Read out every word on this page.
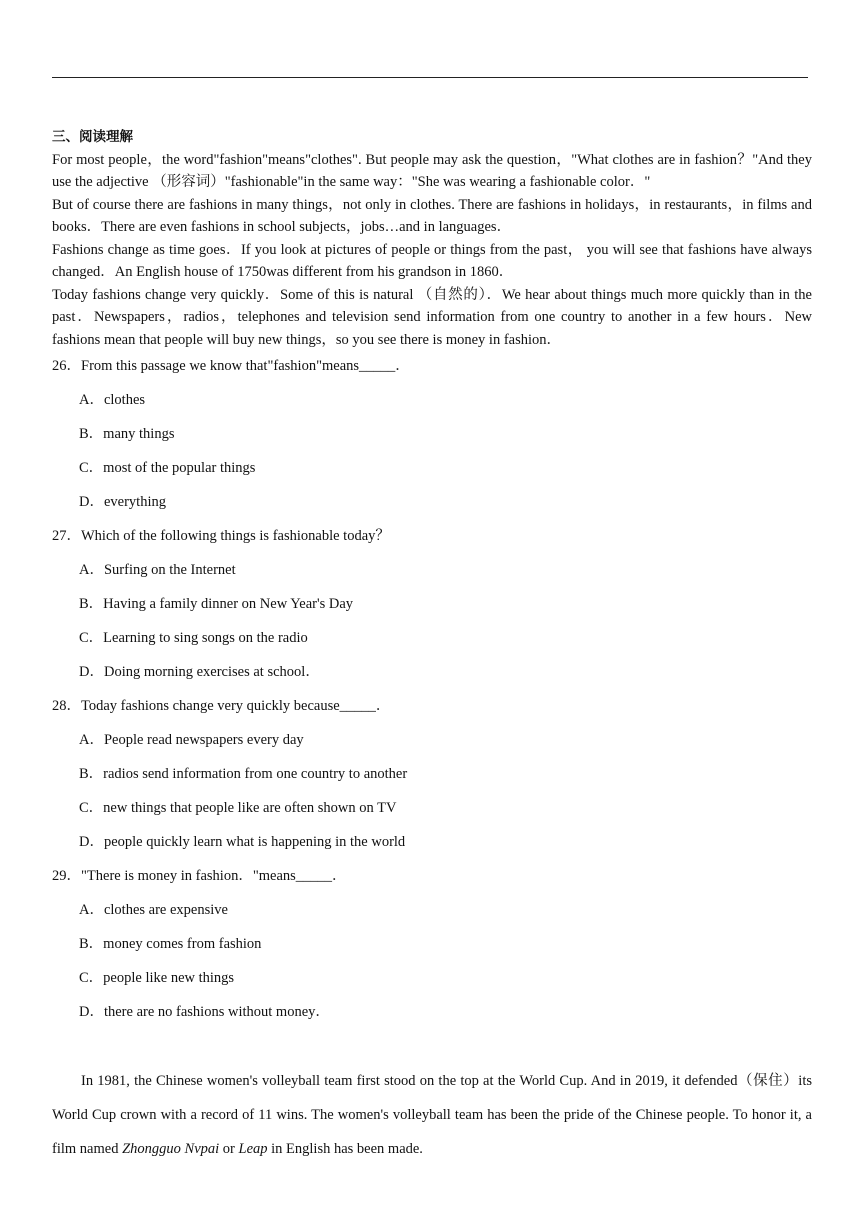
三、阅读理解

For most people，the word"fashion"means"clothes". But people may ask the question，"What clothes are in fashion？"And they use the adjective （形容词）"fashionable"in the same way："She was wearing a fashionable color．"

But of course there are fashions in many things，not only in clothes. There are fashions in holidays，in restaurants，in films and books．There are even fashions in school subjects，jobs…and in languages．

Fashions change as time goes．If you look at pictures of people or things from the past， you will see that fashions have always changed．An English house of 1750was different from his grandson in 1860．

Today fashions change very quickly．Some of this is natural （自然的）．We hear about things much more quickly than in the past．Newspapers，radios，telephones and television send information from one country to another in a few hours．New fashions mean that people will buy new things，so you see there is money in fashion．

26．From this passage we know that"fashion"means_____．
A．clothes
B．many things
C．most of the popular things
D．everything
27．Which of the following things is fashionable today？
A．Surfing on the Internet
B．Having a family dinner on New Year's Day
C．Learning to sing songs on the radio
D．Doing morning exercises at school．
28．Today fashions change very quickly because_____．
A．People read newspapers every day
B．radios send information from one country to another
C．new things that people like are often shown on TV
D．people quickly learn what is happening in the world
29．"There is money in fashion．"means_____．
A．clothes are expensive
B．money comes from fashion
C．people like new things
D．there are no fashions without money．

In 1981, the Chinese women's volleyball team first stood on the top at the World Cup. And in 2019, it defended（保住）its World Cup crown with a record of 11 wins. The women's volleyball team has been the pride of the Chinese people. To honor it, a film named Zhongguo Nvpai or Leap in English has been made.
